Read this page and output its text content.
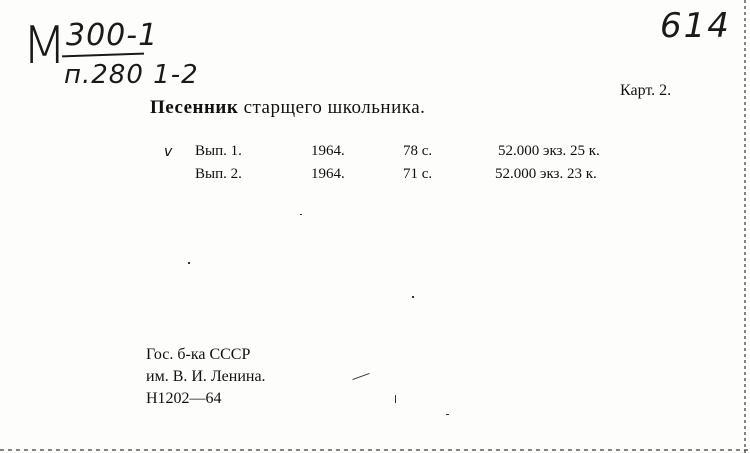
М 300-1
п.280 1-2
614
Карт. 2.
Песенник старщего школьника.
v Вып. 1.	1964.	78 с.	52.000 экз. 25 к.
Вып. 2.	1964.	71 с.	52.000 экз. 23 к.
Гос. б-ка СССР
им. В. И. Ленина.
Н1202—64
